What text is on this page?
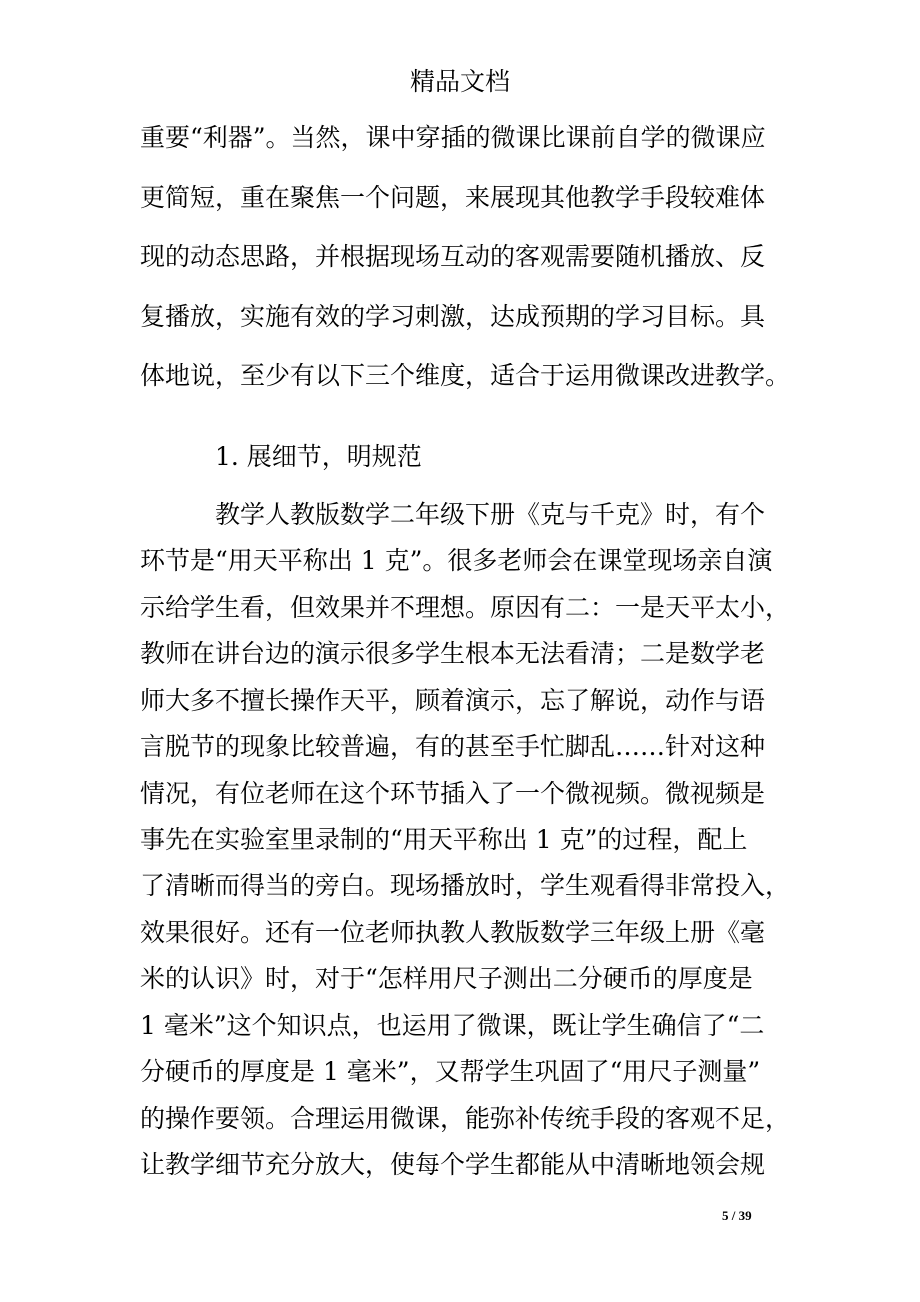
精品文档
重要“利器”。当然，课中穿插的微课比课前自学的微课应
更简短，重在聚焦一个问题，来展现其他教学手段较难体
现的动态思路，并根据现场互动的客观需要随机播放、反
复播放，实施有效的学习刺激，达成预期的学习目标。具
体地说，至少有以下三个维度，适合于运用微课改进教学。
1. 展细节，明规范
教学人教版数学二年级下册《克与千克》时，有个
环节是“用天平称出 1 克”。很多老师会在课堂现场亲自演
示给学生看，但效果并不理想。原因有二：一是天平太小，
教师在讲台边的演示很多学生根本无法看清；二是数学老
师大多不擅长操作天平，顾着演示，忘了解说，动作与语
言脱节的现象比较普遍，有的甚至手忙脚乱……针对这种
情况，有位老师在这个环节插入了一个微视频。微视频是
事先在实验室里录制的“用天平称出 1 克”的过程，配上
了清晰而得当的旁白。现场播放时，学生观看得非常投入，
效果很好。还有一位老师执教人教版数学三年级上册《毫
米的认识》时，对于“怎样用尺子测出二分硬币的厚度是
1 毫米”这个知识点，也运用了微课，既让学生确信了“二
分硬币的厚度是 1 毫米”，又帮学生巩固了“用尺子测量”
的操作要领。合理运用微课，能弥补传统手段的客观不足，
让教学细节充分放大，使每个学生都能从中清晰地领会规
5 / 39
